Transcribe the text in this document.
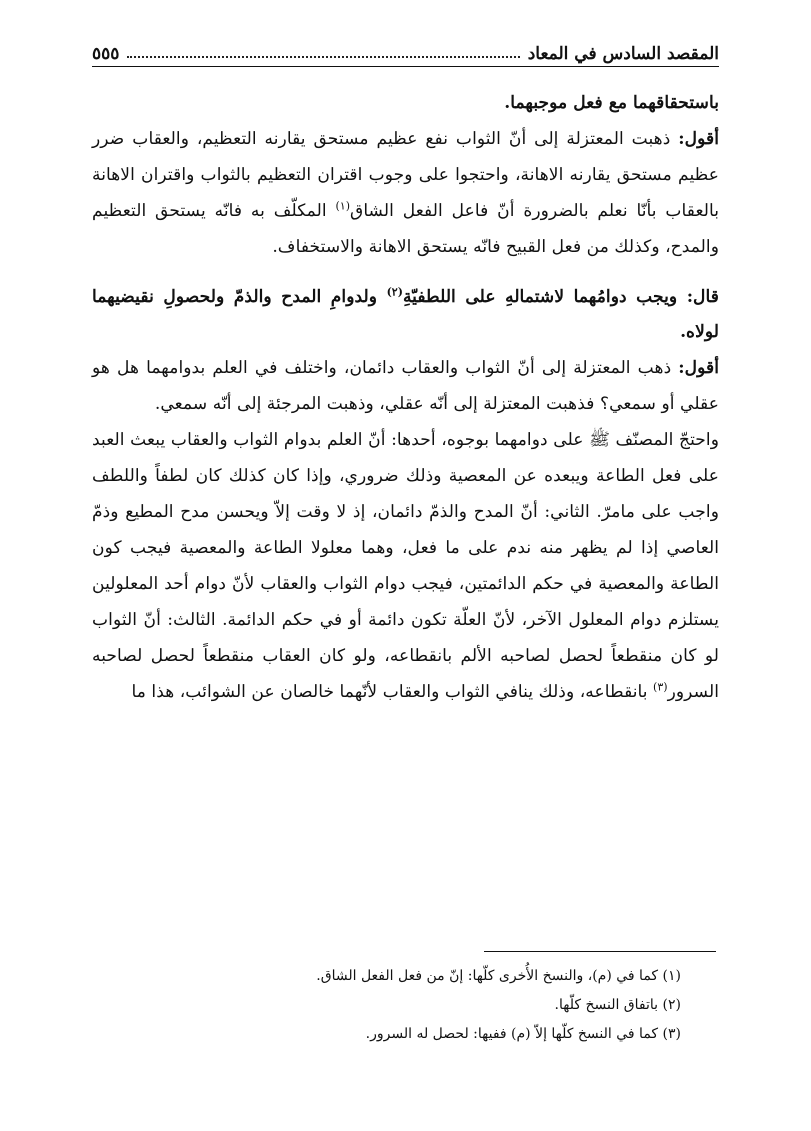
المقصد السادس في المعاد
٥٥٥

باستحقاقهما مع فعل موجبهما.

أقول: ذهبت المعتزلة إلى أنّ الثواب نفع عظيم مستحق يقارنه التعظيم، والعقاب ضرر عظيم مستحق يقارنه الاهانة، واحتجوا على وجوب اقتران التعظيم بالثواب واقتران الاهانة بالعقاب بأنّا نعلم بالضرورة أنّ فاعل الفعل الشاق$^{(١)}$ المكلّف به فانّه يستحق التعظيم والمدح، وكذلك من فعل القبيح فانّه يستحق الاهانة والاستخفاف.

قال: ويجب دوامُهما لاشتمالهِ على اللطفيّةِ$^{(٢)}$ ولدوامِ المدح والذمّ ولحصولِ نقيضيهما لولاه.

أقول: ذهب المعتزلة إلى أنّ الثواب والعقاب دائمان، واختلف في العلم بدوامهما هل هو عقلي أو سمعي؟ فذهبت المعتزلة إلى أنّه عقلي، وذهبت المرجئة إلى أنّه سمعي.

واحتجّ المصنّف ﷺ على دوامهما بوجوه، أحدها: أنّ العلم بدوام الثواب والعقاب يبعث العبد على فعل الطاعة ويبعده عن المعصية وذلك ضروري، وإذا كان كذلك كان لطفاً واللطف واجب على مامرّ. الثاني: أنّ المدح والذمّ دائمان، إذ لا وقت إلاّ ويحسن مدح المطيع وذمّ العاصي إذا لم يظهر منه ندم على ما فعل، وهما معلولا الطاعة والمعصية فيجب كون الطاعة والمعصية في حكم الدائمتين، فيجب دوام الثواب والعقاب لأنّ دوام أحد المعلولين يستلزم دوام المعلول الآخر، لأنّ العلّة تكون دائمة أو في حكم الدائمة. الثالث: أنّ الثواب لو كان منقطعاً لحصل لصاحبه الألم بانقطاعه، ولو كان العقاب منقطعاً لحصل لصاحبه السرور$^{(٣)}$ بانقطاعه، وذلك ينافي الثواب والعقاب لأنّهما خالصان عن الشوائب، هذا ما

(١) كما في (م)، والنسخ الأُخرى كلّها: إنّ من فعل الفعل الشاق.

(٢) باتفاق النسخ كلّها.

(٣) كما في النسخ كلّها إلاّ (م) ففيها: لحصل له السرور.
